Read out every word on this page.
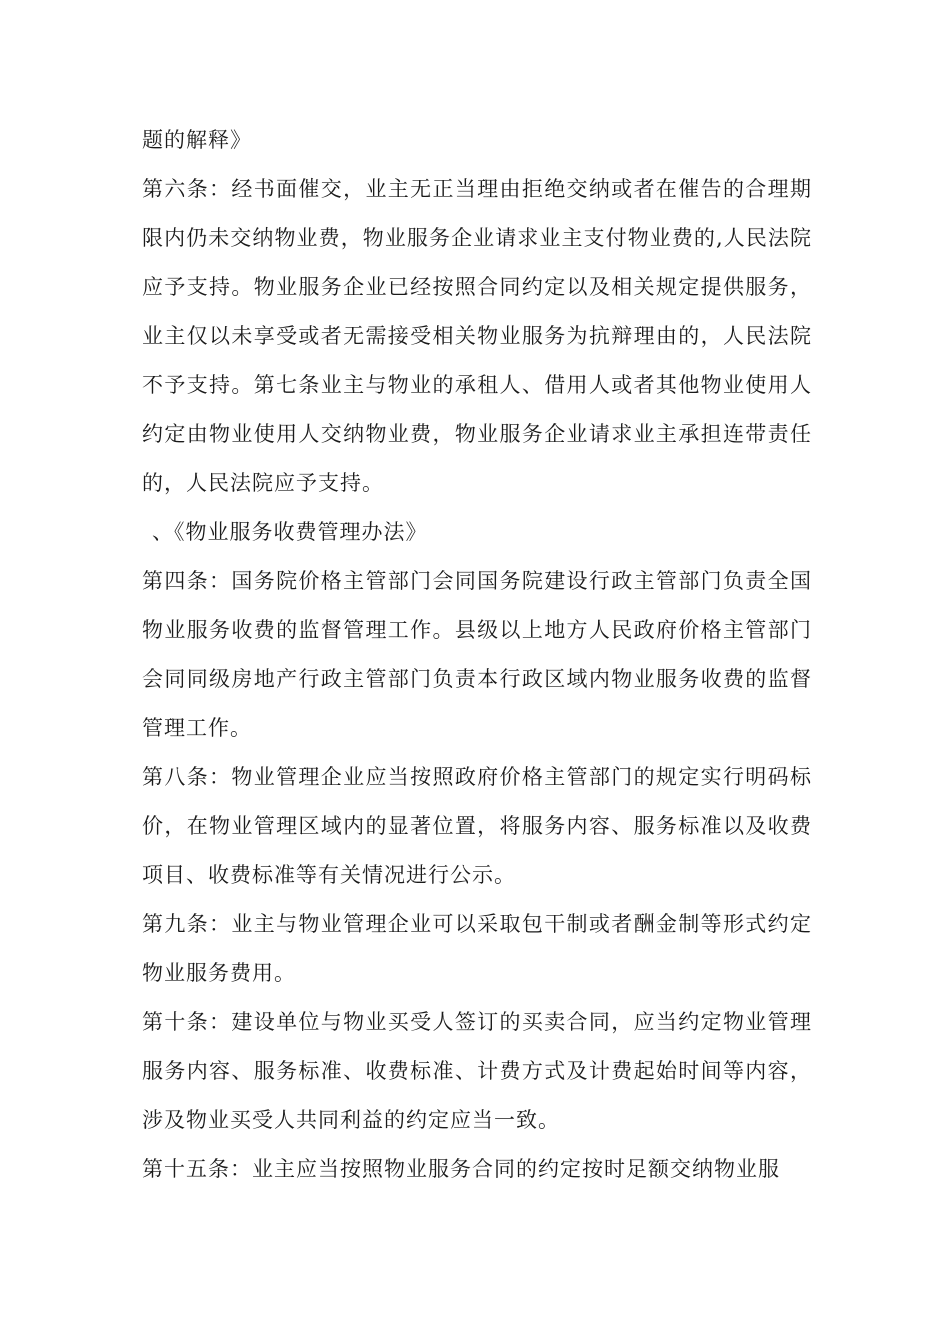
题的解释》

第六条：经书面催交，业主无正当理由拒绝交纳或者在催告的合理期限内仍未交纳物业费，物业服务企业请求业主支付物业费的,人民法院应予支持。物业服务企业已经按照合同约定以及相关规定提供服务，业主仅以未享受或者无需接受相关物业服务为抗辩理由的，人民法院不予支持。第七条业主与物业的承租人、借用人或者其他物业使用人约定由物业使用人交纳物业费，物业服务企业请求业主承担连带责任的，人民法院应予支持。

、《物业服务收费管理办法》

第四条：国务院价格主管部门会同国务院建设行政主管部门负责全国物业服务收费的监督管理工作。县级以上地方人民政府价格主管部门会同同级房地产行政主管部门负责本行政区域内物业服务收费的监督管理工作。

第八条：物业管理企业应当按照政府价格主管部门的规定实行明码标价，在物业管理区域内的显著位置，将服务内容、服务标准以及收费项目、收费标准等有关情况进行公示。

第九条：业主与物业管理企业可以采取包干制或者酬金制等形式约定物业服务费用。

第十条：建设单位与物业买受人签订的买卖合同，应当约定物业管理服务内容、服务标准、收费标准、计费方式及计费起始时间等内容，涉及物业买受人共同利益的约定应当一致。

第十五条：业主应当按照物业服务合同的约定按时足额交纳物业服
